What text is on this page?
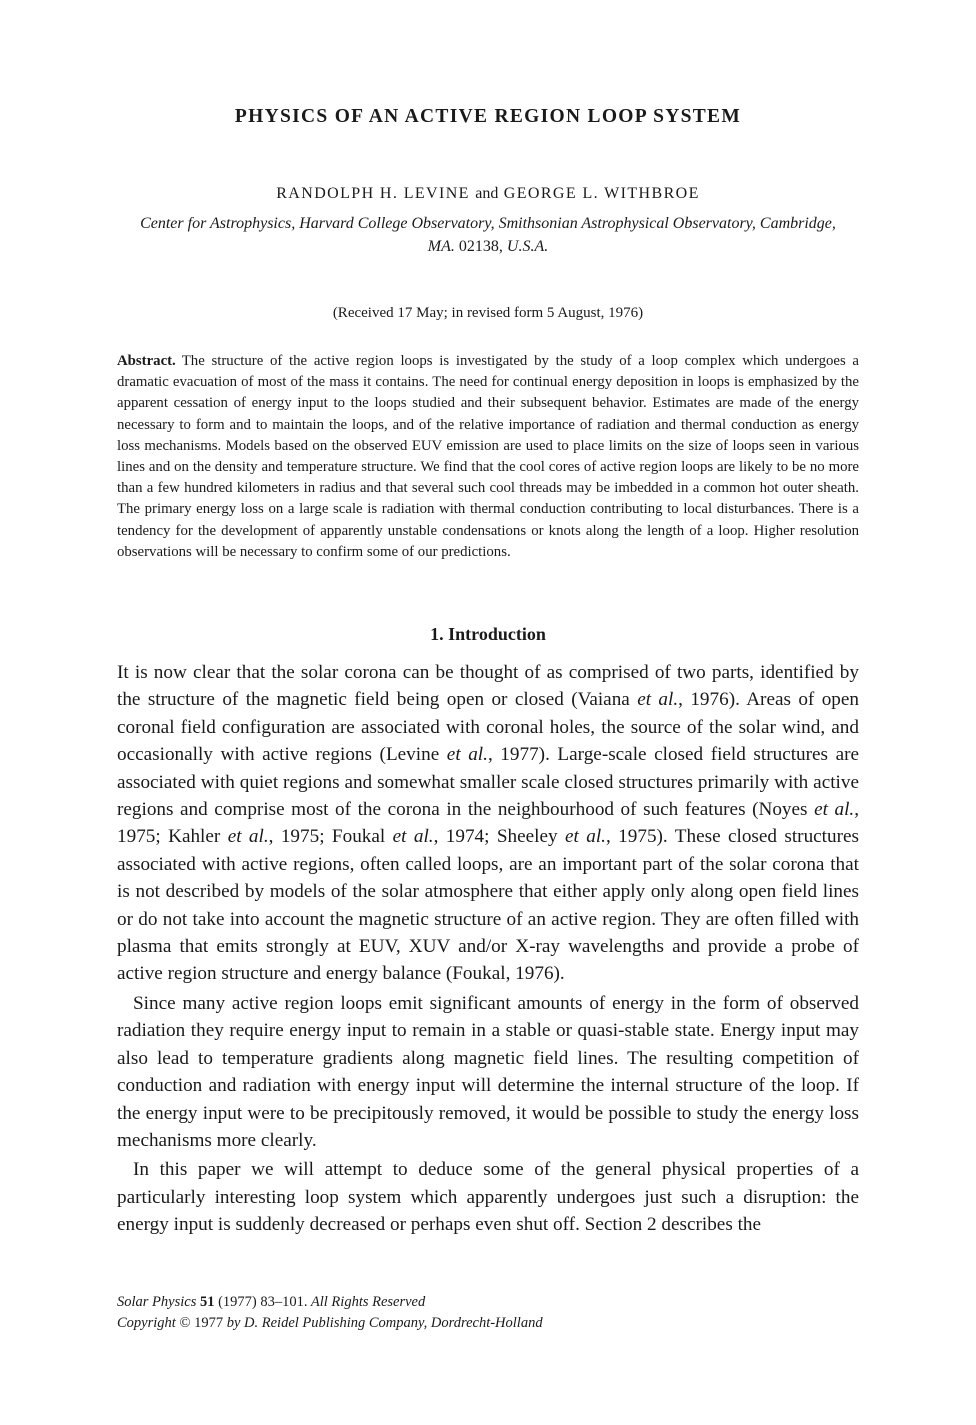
PHYSICS OF AN ACTIVE REGION LOOP SYSTEM
RANDOLPH H. LEVINE and GEORGE L. WITHBROE
Center for Astrophysics, Harvard College Observatory, Smithsonian Astrophysical Observatory, Cambridge,
MA. 02138, U.S.A.
(Received 17 May; in revised form 5 August, 1976)
Abstract. The structure of the active region loops is investigated by the study of a loop complex which undergoes a dramatic evacuation of most of the mass it contains. The need for continual energy deposition in loops is emphasized by the apparent cessation of energy input to the loops studied and their subsequent behavior. Estimates are made of the energy necessary to form and to maintain the loops, and of the relative importance of radiation and thermal conduction as energy loss mechanisms. Models based on the observed EUV emission are used to place limits on the size of loops seen in various lines and on the density and temperature structure. We find that the cool cores of active region loops are likely to be no more than a few hundred kilometers in radius and that several such cool threads may be imbedded in a common hot outer sheath. The primary energy loss on a large scale is radiation with thermal conduction contributing to local disturbances. There is a tendency for the development of apparently unstable condensations or knots along the length of a loop. Higher resolution observations will be necessary to confirm some of our predictions.
1. Introduction

It is now clear that the solar corona can be thought of as comprised of two parts, identified by the structure of the magnetic field being open or closed (Vaiana et al., 1976). Areas of open coronal field configuration are associated with coronal holes, the source of the solar wind, and occasionally with active regions (Levine et al., 1977). Large-scale closed field structures are associated with quiet regions and somewhat smaller scale closed structures primarily with active regions and comprise most of the corona in the neighbourhood of such features (Noyes et al., 1975; Kahler et al., 1975; Foukal et al., 1974; Sheeley et al., 1975). These closed structures associated with active regions, often called loops, are an important part of the solar corona that is not described by models of the solar atmosphere that either apply only along open field lines or do not take into account the magnetic structure of an active region. They are often filled with plasma that emits strongly at EUV, XUV and/or X-ray wavelengths and provide a probe of active region structure and energy balance (Foukal, 1976).

Since many active region loops emit significant amounts of energy in the form of observed radiation they require energy input to remain in a stable or quasi-stable state. Energy input may also lead to temperature gradients along magnetic field lines. The resulting competition of conduction and radiation with energy input will determine the internal structure of the loop. If the energy input were to be precipitously removed, it would be possible to study the energy loss mechanisms more clearly.

In this paper we will attempt to deduce some of the general physical properties of a particularly interesting loop system which apparently undergoes just such a disruption: the energy input is suddenly decreased or perhaps even shut off. Section 2 describes the

Solar Physics 51 (1977) 83–101. All Rights Reserved
Copyright © 1977 by D. Reidel Publishing Company, Dordrecht-Holland
